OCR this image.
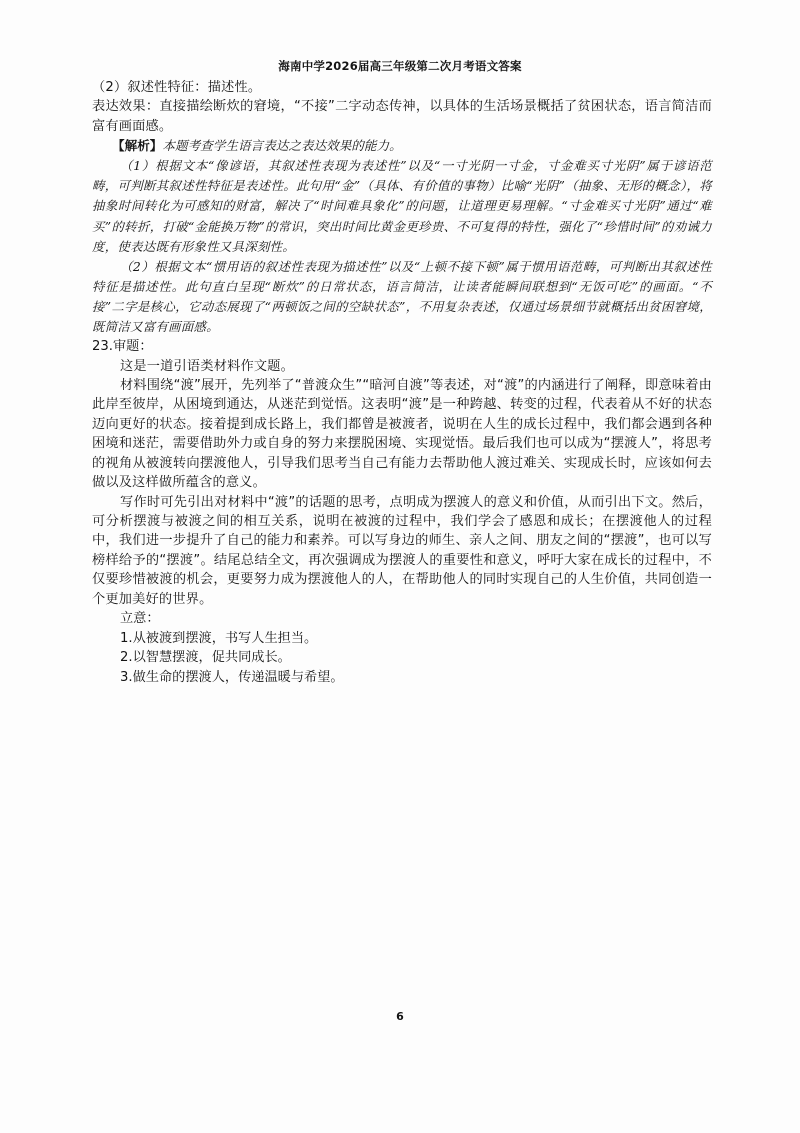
海南中学2026届高三年级第二次月考语文答案

（2）叙述性特征：描述性。

表达效果：直接描绘断炊的窘境，“不接”二字动态传神，以具体的生活场景概括了贫困状态，语言简洁而富有画面感。

【解析】本题考查学生语言表达之表达效果的能力。

（1）根据文本“像谚语，其叙述性表现为表述性”以及“一寸光阴一寸金，寸金难买寸光阴”属于谚语范畴，可判断其叙述性特征是表述性。此句用“金”（具体、有价值的事物）比喻“光阴”（抽象、无形的概念），将抽象时间转化为可感知的财富，解决了“时间难具象化”的问题，让道理更易理解。“寸金难买寸光阴”通过“难买”的转折，打破“金能换万物”的常识，突出时间比黄金更珍贵、不可复得的特性，强化了“珍惜时间”的劝诫力度，使表达既有形象性又具深刻性。

（2）根据文本“惯用语的叙述性表现为描述性”以及“上顿不接下顿”属于惯用语范畴，可判断出其叙述性特征是描述性。此句直白呈现“断炊”的日常状态，语言简洁，让读者能瞬间联想到“无饭可吃”的画面。“不接”二字是核心，它动态展现了“两顿饭之间的空缺状态”，不用复杂表述，仅通过场景细节就概括出贫困窘境，既简洁又富有画面感。

23.审题：

这是一道引语类材料作文题。

材料围绕“渡”展开，先列举了“普渡众生”“暗河自渡”等表述，对“渡”的内涵进行了阐释，即意味着由此岸至彼岸，从困境到通达，从迷茫到觉悟。这表明“渡”是一种跨越、转变的过程，代表着从不好的状态迈向更好的状态。接着提到成长路上，我们都曾是被渡者，说明在人生的成长过程中，我们都会遇到各种困境和迷茫，需要借助外力或自身的努力来摆脱困境、实现觉悟。最后我们也可以成为“摆渡人”，将思考的视角从被渡转向摆渡他人，引导我们思考当自己有能力去帮助他人渡过难关、实现成长时，应该如何去做以及这样做所蕴含的意义。

写作时可先引出对材料中“渡”的话题的思考，点明成为摆渡人的意义和价值，从而引出下文。然后，可分析摆渡与被渡之间的相互关系，说明在被渡的过程中，我们学会了感恩和成长；在摆渡他人的过程中，我们进一步提升了自己的能力和素养。可以写身边的师生、亲人之间、朋友之间的“摆渡”，也可以写榜样给予的“摆渡”。结尾总结全文，再次强调成为摆渡人的重要性和意义，呼吁大家在成长的过程中，不仅要珍惜被渡的机会，更要努力成为摆渡他人的人，在帮助他人的同时实现自己的人生价值，共同创造一个更加美好的世界。

立意：

1.从被渡到摆渡，书写人生担当。

2.以智慧摆渡，促共同成长。

3.做生命的摆渡人，传递温暖与希望。

6
